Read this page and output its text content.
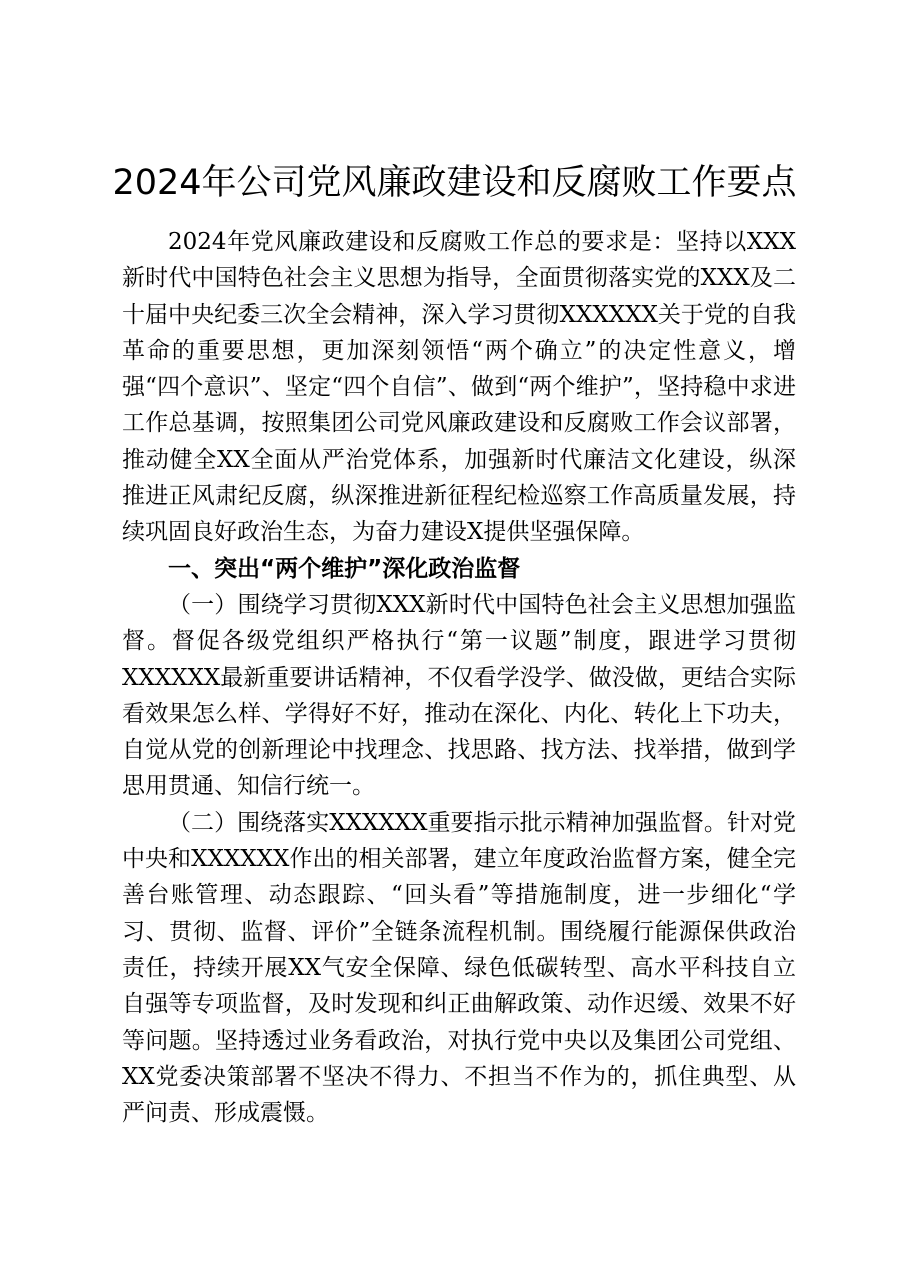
2024年公司党风廉政建设和反腐败工作要点

2024年党风廉政建设和反腐败工作总的要求是：坚持以XXX新时代中国特色社会主义思想为指导，全面贯彻落实党的XXX及二十届中央纪委三次全会精神，深入学习贯彻XXXXXX关于党的自我革命的重要思想，更加深刻领悟“两个确立”的决定性意义，增强“四个意识”、坚定“四个自信”、做到“两个维护”，坚持稳中求进工作总基调，按照集团公司党风廉政建设和反腐败工作会议部署，推动健全XX全面从严治党体系，加强新时代廉洁文化建设，纵深推进正风肃纪反腐，纵深推进新征程纪检巡察工作高质量发展，持续巩固良好政治生态，为奋力建设X提供坚强保障。

一、突出“两个维护”深化政治监督

（一）围绕学习贯彻XXX新时代中国特色社会主义思想加强监督。督促各级党组织严格执行“第一议题”制度，跟进学习贯彻XXXXXX最新重要讲话精神，不仅看学没学、做没做，更结合实际看效果怎么样、学得好不好，推动在深化、内化、转化上下功夫，自觉从党的创新理论中找理念、找思路、找方法、找举措，做到学思用贯通、知信行统一。

（二）围绕落实XXXXXX重要指示批示精神加强监督。针对党中央和XXXXXX作出的相关部署，建立年度政治监督方案，健全完善台账管理、动态跟踪、“回头看”等措施制度，进一步细化“学习、贯彻、监督、评价”全链条流程机制。围绕履行能源保供政治责任，持续开展XX气安全保障、绿色低碳转型、高水平科技自立自强等专项监督，及时发现和纠正曲解政策、动作迟缓、效果不好等问题。坚持透过业务看政治，对执行党中央以及集团公司党组、XX党委决策部署不坚决不得力、不担当不作为的，抓住典型、从严问责、形成震慑。
